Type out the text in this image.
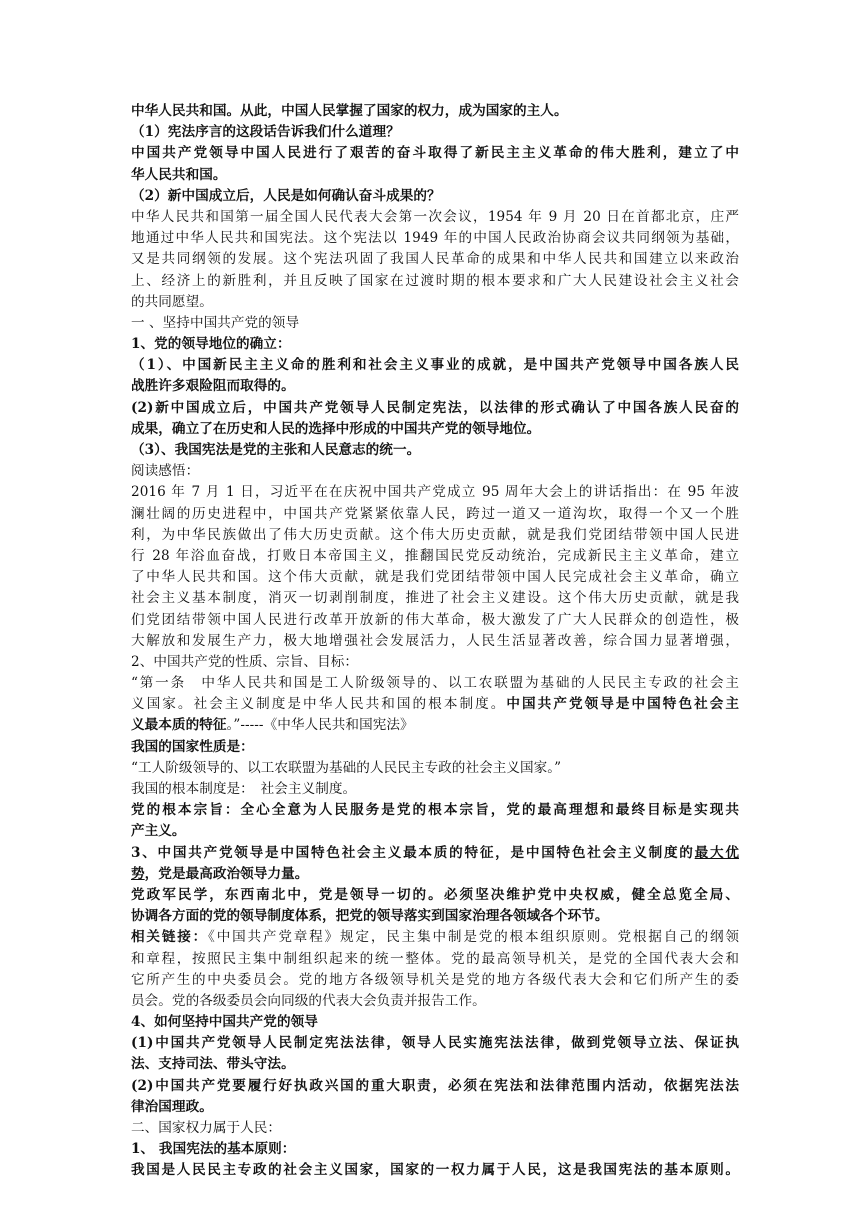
中华人民共和国。从此，中国人民掌握了国家的权力，成为国家的主人。
（1）宪法序言的这段话告诉我们什么道理？
中国共产党领导中国人民进行了艰苦的奋斗取得了新民主主义革命的伟大胜利，建立了中
华人民共和国。
（2）新中国成立后，人民是如何确认奋斗成果的？
中华人民共和国第一届全国人民代表大会第一次会议，1954 年 9 月 20 日在首都北京，庄严
地通过中华人民共和国宪法。这个宪法以 1949 年的中国人民政治协商会议共同纲领为基础，
又是共同纲领的发展。这个宪法巩固了我国人民革命的成果和中华人民共和国建立以来政治
上、经济上的新胜利，并且反映了国家在过渡时期的根本要求和广大人民建设社会主义社会
的共同愿望。
一 、坚持中国共产党的领导
1、党的领导地位的确立：
（1）、中国新民主主义命的胜利和社会主义事业的成就，是中国共产党领导中国各族人民
战胜许多艰险阻而取得的。
(2)新中国成立后，中国共产党领导人民制定宪法，以法律的形式确认了中国各族人民奋的
成果，确立了在历史和人民的选择中形成的中国共产党的领导地位。
（3）、我国宪法是党的主张和人民意志的统一。
阅读感悟：
2016 年 7 月 1 日，习近平在在庆祝中国共产党成立 95 周年大会上的讲话指出：在 95 年波
澜壮阔的历史进程中，中国共产党紧紧依靠人民，跨过一道又一道沟坎，取得一个又一个胜
利，为中华民族做出了伟大历史贡献。这个伟大历史贡献，就是我们党团结带领中国人民进
行 28 年浴血奋战，打败日本帝国主义，推翻国民党反动统治，完成新民主主义革命，建立
了中华人民共和国。这个伟大贡献，就是我们党团结带领中国人民完成社会主义革命，确立
社会主义基本制度，消灭一切剥削制度，推进了社会主义建设。这个伟大历史贡献，就是我
们党团结带领中国人民进行改革开放新的伟大革命，极大激发了广大人民群众的创造性，极
大解放和发展生产力，极大地增强社会发展活力，人民生活显著改善，综合国力显著增强，
2、中国共产党的性质、宗旨、目标：
“第一条　中华人民共和国是工人阶级领导的、以工农联盟为基础的人民民主专政的社会主
义国家。社会主义制度是中华人民共和国的根本制度。中国共产党领导是中国特色社会主
义最本质的特征。”-----《中华人民共和国宪法》
我国的国家性质是：
“工人阶级领导的、以工农联盟为基础的人民民主专政的社会主义国家。”
我国的根本制度是：　社会主义制度。
党的根本宗旨：全心全意为人民服务是党的根本宗旨，党的最高理想和最终目标是实现共
产主义。
3、中国共产党领导是中国特色社会主义最本质的特征，是中国特色社会主义制度的最大优
势，党是最高政治领导力量。
党政军民学，东西南北中，党是领导一切的。必须坚决维护党中央权威，健全总览全局、
协调各方面的党的领导制度体系，把党的领导落实到国家治理各领域各个环节。
相关链接：《中国共产党章程》规定，民主集中制是党的根本组织原则。党根据自己的纲领
和章程，按照民主集中制组织起来的统一整体。党的最高领导机关，是党的全国代表大会和
它所产生的中央委员会。党的地方各级领导机关是党的地方各级代表大会和它们所产生的委
员会。党的各级委员会向同级的代表大会负责并报告工作。
4、如何坚持中国共产党的领导
(1)中国共产党领导人民制定宪法法律，领导人民实施宪法法律，做到党领导立法、保证执
法、支持司法、带头守法。
(2)中国共产党要履行好执政兴国的重大职责，必须在宪法和法律范围内活动，依据宪法法
律治国理政。
二、国家权力属于人民：
1、 我国宪法的基本原则：
我国是人民民主专政的社会主义国家，国家的一权力属于人民，这是我国宪法的基本原则。
